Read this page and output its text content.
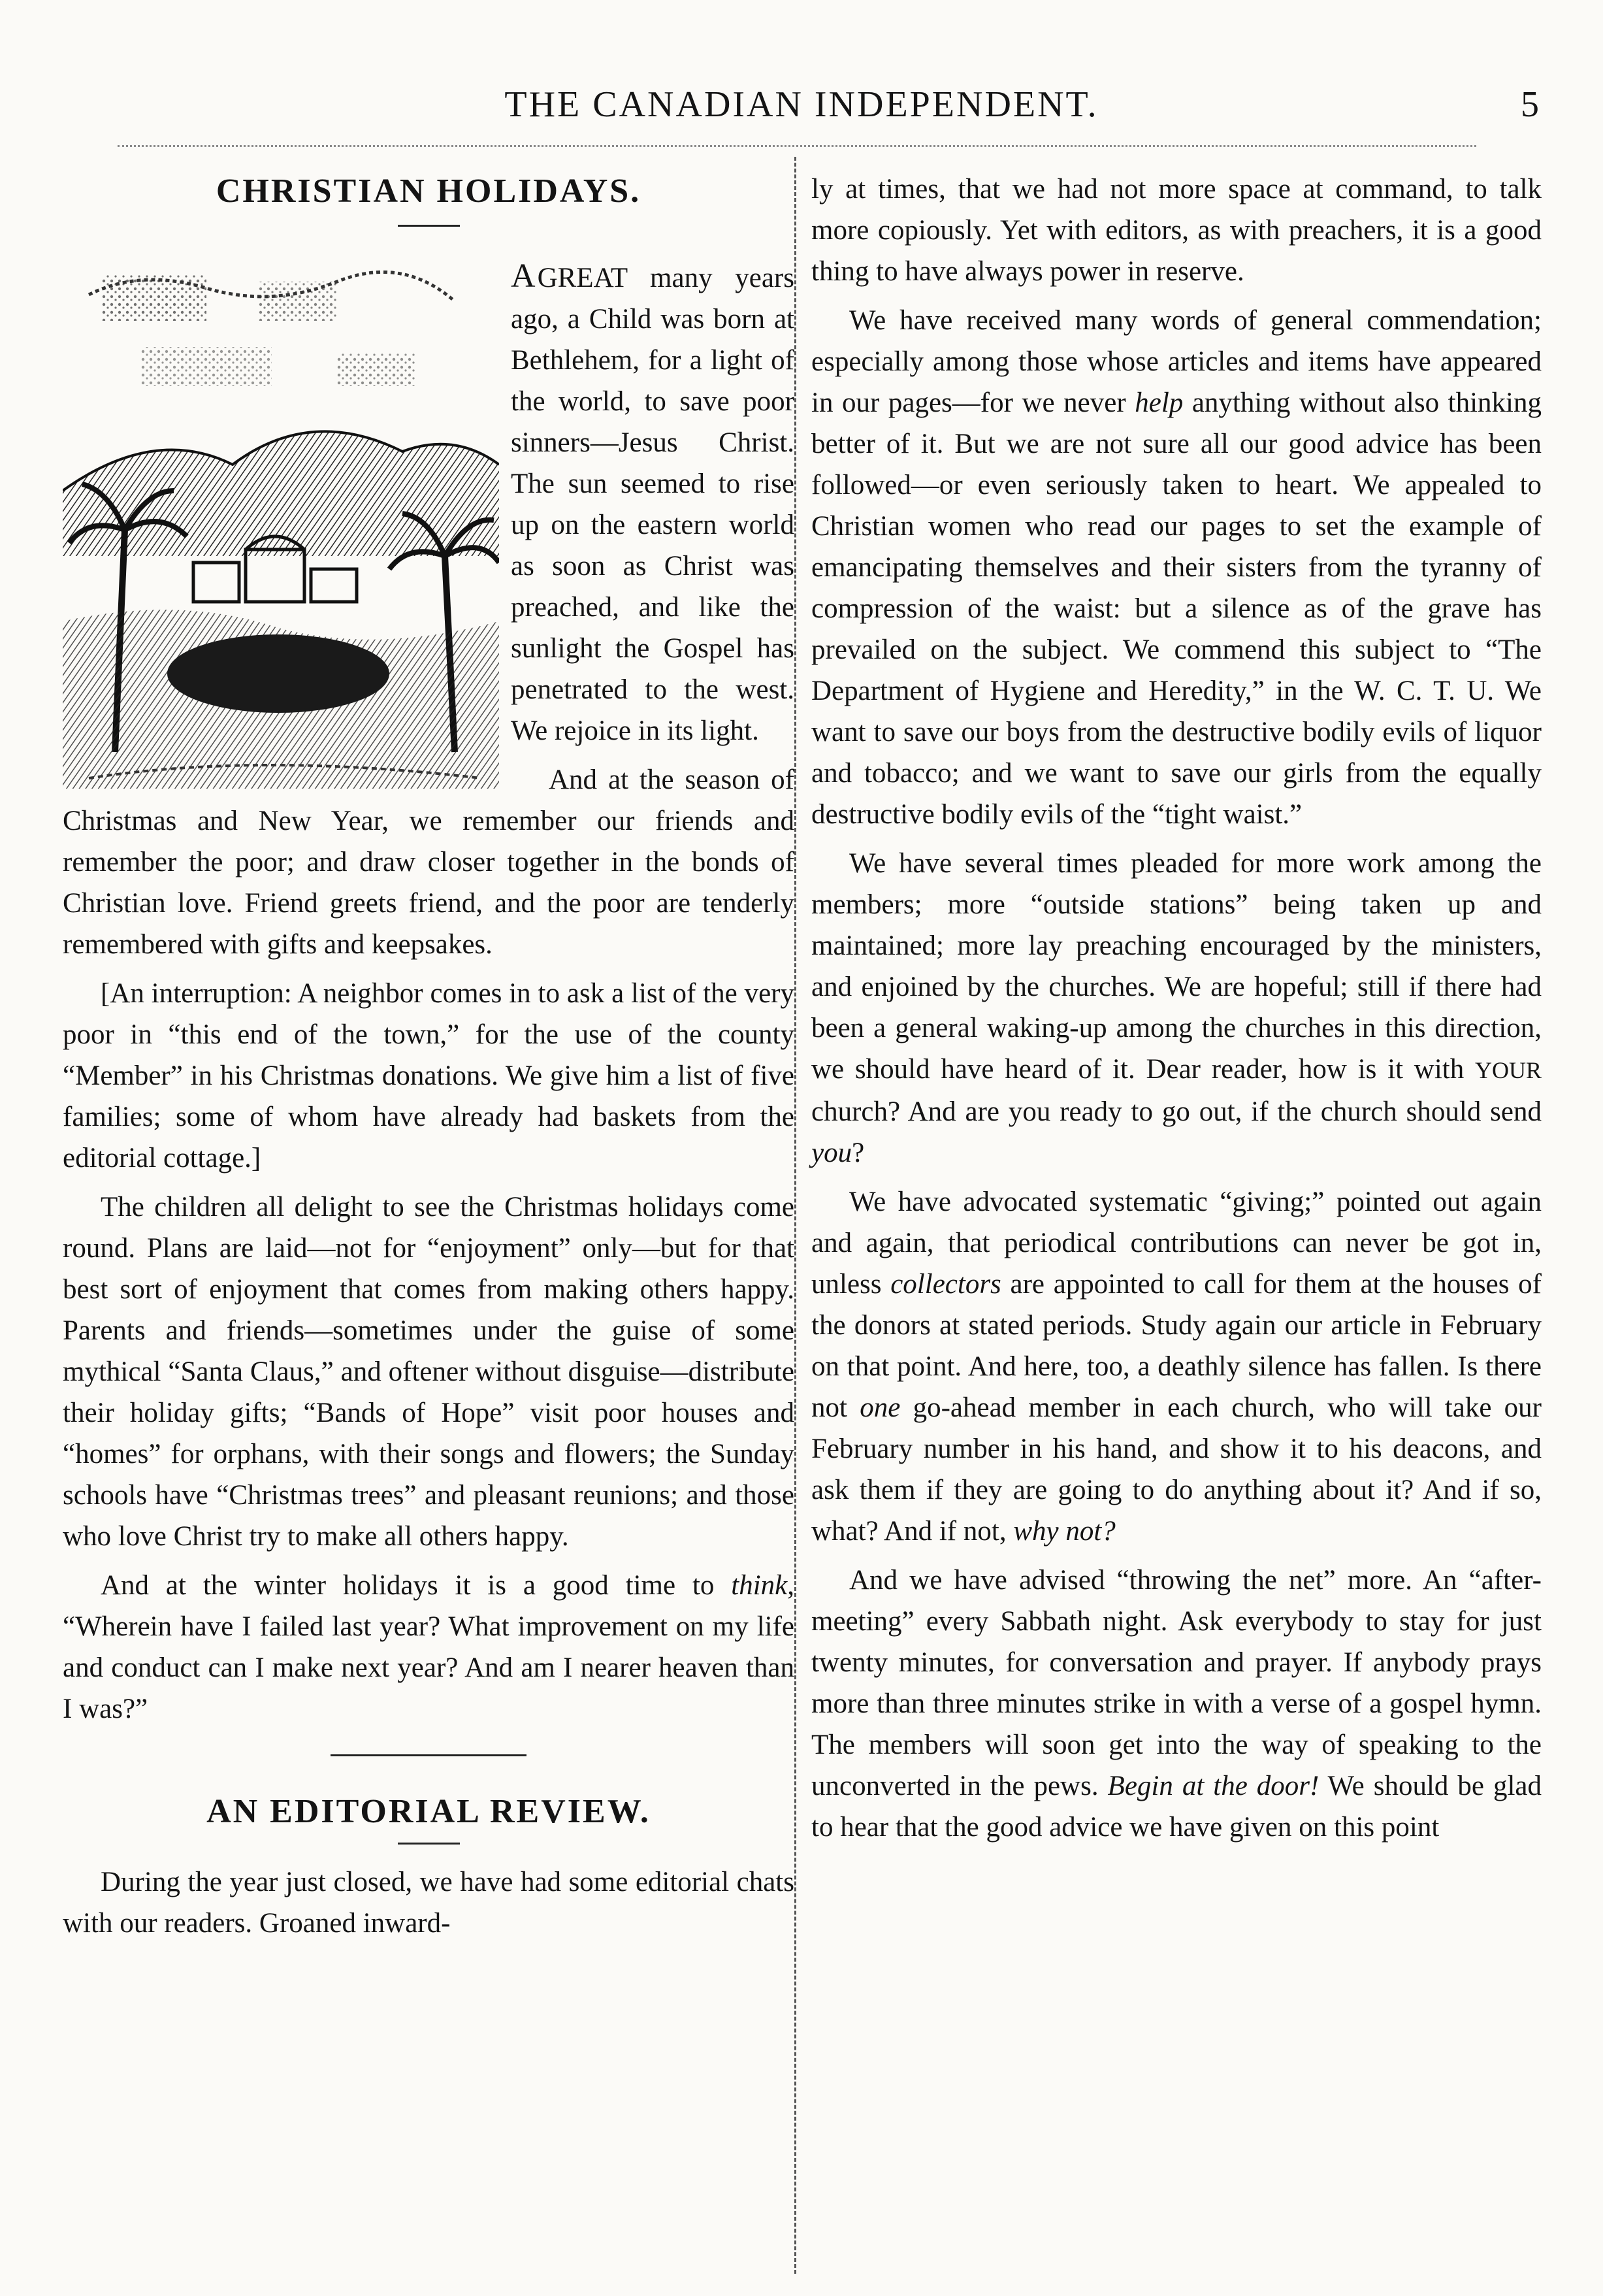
THE CANADIAN INDEPENDENT.	5
CHRISTIAN HOLIDAYS.

AGREAT many years ago, a Child was born at Bethlehem, for a light of the world, to save poor sinners—Jesus Christ. The sun seemed to rise up on the eastern world as soon as Christ was preached, and like the sunlight the Gospel has penetrated to the west. We rejoice in its light.

And at the season of Christmas and New Year, we remember our friends and remember the poor; and draw closer together in the bonds of Christian love. Friend greets friend, and the poor are tenderly remembered with gifts and keepsakes.

[An interruption: A neighbor comes in to ask a list of the very poor in “this end of the town,” for the use of the county “Member” in his Christmas donations. We give him a list of five families; some of whom have already had baskets from the editorial cottage.]

The children all delight to see the Christmas holidays come round. Plans are laid—not for “enjoyment” only—but for that best sort of enjoyment that comes from making others happy. Parents and friends—sometimes under the guise of some mythical “Santa Claus,” and oftener without disguise—distribute their holiday gifts; “Bands of Hope” visit poor houses and “homes” for orphans, with their songs and flowers; the Sunday schools have “Christmas trees” and pleasant reunions; and those who love Christ try to make all others happy.

And at the winter holidays it is a good time to think, “Wherein have I failed last year? What improvement on my life and conduct can I make next year? And am I nearer heaven than I was?”

AN EDITORIAL REVIEW.

During the year just closed, we have had some editorial chats with our readers. Groaned inward-

ly at times, that we had not more space at command, to talk more copiously. Yet with editors, as with preachers, it is a good thing to have always power in reserve.

We have received many words of general commendation; especially among those whose articles and items have appeared in our pages—for we never help anything without also thinking better of it. But we are not sure all our good advice has been followed—or even seriously taken to heart. We appealed to Christian women who read our pages to set the example of emancipating themselves and their sisters from the tyranny of compression of the waist: but a silence as of the grave has prevailed on the subject. We commend this subject to “The Department of Hygiene and Heredity,” in the W. C. T. U. We want to save our boys from the destructive bodily evils of liquor and tobacco; and we want to save our girls from the equally destructive bodily evils of the “tight waist.”

We have several times pleaded for more work among the members; more “outside stations” being taken up and maintained; more lay preaching encouraged by the ministers, and enjoined by the churches. We are hopeful; still if there had been a general waking-up among the churches in this direction, we should have heard of it. Dear reader, how is it with YOUR church? And are you ready to go out, if the church should send you?

We have advocated systematic “giving;” pointed out again and again, that periodical contributions can never be got in, unless collectors are appointed to call for them at the houses of the donors at stated periods. Study again our article in February on that point. And here, too, a deathly silence has fallen. Is there not one go-ahead member in each church, who will take our February number in his hand, and show it to his deacons, and ask them if they are going to do anything about it? And if so, what? And if not, why not?

And we have advised “throwing the net” more. An “after-meeting” every Sabbath night. Ask everybody to stay for just twenty minutes, for conversation and prayer. If anybody prays more than three minutes strike in with a verse of a gospel hymn. The members will soon get into the way of speaking to the unconverted in the pews. Begin at the door! We should be glad to hear that the good advice we have given on this point
